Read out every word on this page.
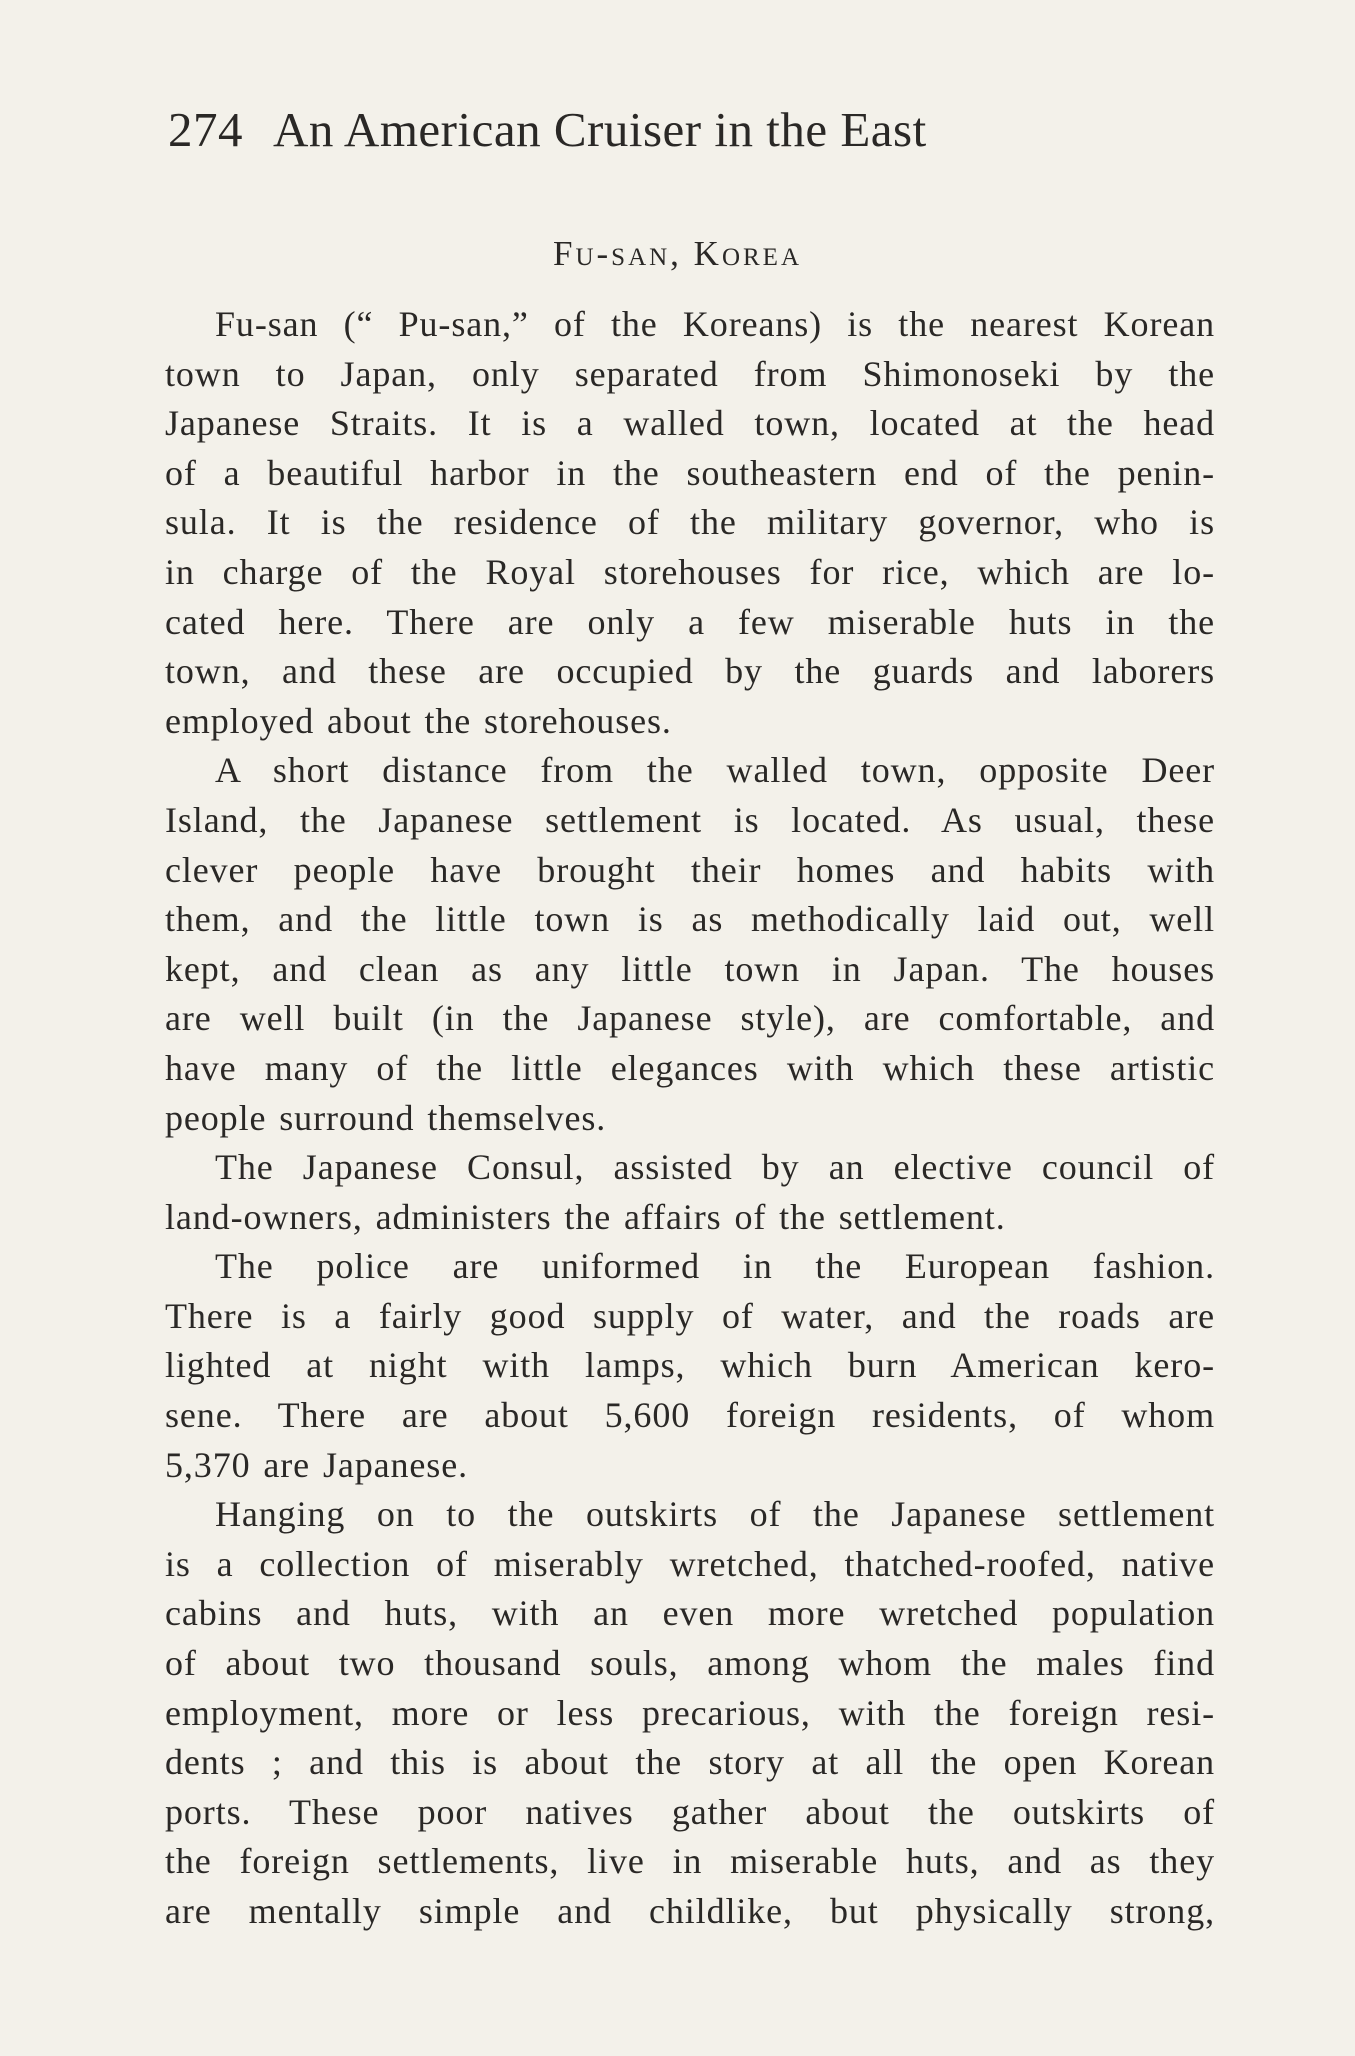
274 An American Cruiser in the East
Fu-san, Korea
Fu-san (“ Pu-san,” of the Koreans) is the nearest Korean
town to Japan, only separated from Shimonoseki by the
Japanese Straits. It is a walled town, located at the head
of a beautiful harbor in the southeastern end of the penin-
sula. It is the residence of the military governor, who is
in charge of the Royal storehouses for rice, which are lo-
cated here. There are only a few miserable huts in the
town, and these are occupied by the guards and laborers
employed about the storehouses.
A short distance from the walled town, opposite Deer
Island, the Japanese settlement is located. As usual, these
clever people have brought their homes and habits with
them, and the little town is as methodically laid out, well
kept, and clean as any little town in Japan. The houses
are well built (in the Japanese style), are comfortable, and
have many of the little elegances with which these artistic
people surround themselves.
The Japanese Consul, assisted by an elective council of
land-owners, administers the affairs of the settlement.
The police are uniformed in the European fashion.
There is a fairly good supply of water, and the roads are
lighted at night with lamps, which burn American kero-
sene. There are about 5,600 foreign residents, of whom
5,370 are Japanese.
Hanging on to the outskirts of the Japanese settlement
is a collection of miserably wretched, thatched-roofed, native
cabins and huts, with an even more wretched population
of about two thousand souls, among whom the males find
employment, more or less precarious, with the foreign resi-
dents ; and this is about the story at all the open Korean
ports. These poor natives gather about the outskirts of
the foreign settlements, live in miserable huts, and as they
are mentally simple and childlike, but physically strong,
